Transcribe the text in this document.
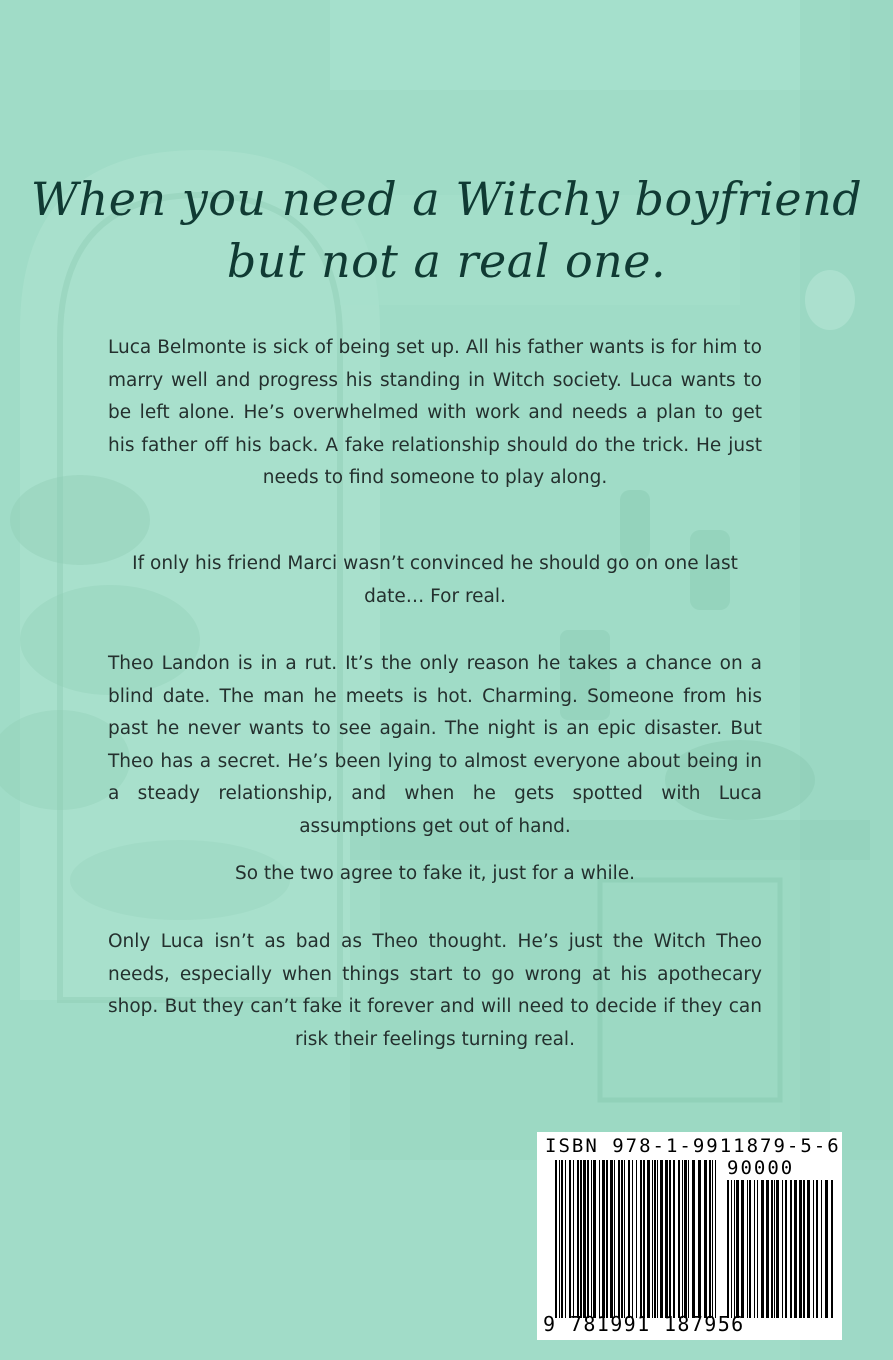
When you need a Witchy boyfriend
but not a real one.
Luca Belmonte is sick of being set up. All his father wants is for him to marry well and progress his standing in Witch society. Luca wants to be left alone. He’s overwhelmed with work and needs a plan to get his father off his back. A fake relationship should do the trick. He just needs to find someone to play along.
If only his friend Marci wasn’t convinced he should go on one last date… For real.
Theo Landon is in a rut. It’s the only reason he takes a chance on a blind date. The man he meets is hot. Charming. Someone from his past he never wants to see again. The night is an epic disaster. But Theo has a secret. He’s been lying to almost everyone about being in a steady relationship, and when he gets spotted with Luca assumptions get out of hand.
So the two agree to fake it, just for a while.
Only Luca isn’t as bad as Theo thought. He’s just the Witch Theo needs, especially when things start to go wrong at his apothecary shop. But they can’t fake it forever and will need to decide if they can risk their feelings turning real.
ISBN 978-1-9911879-5-6
90000
9 781991 187956
